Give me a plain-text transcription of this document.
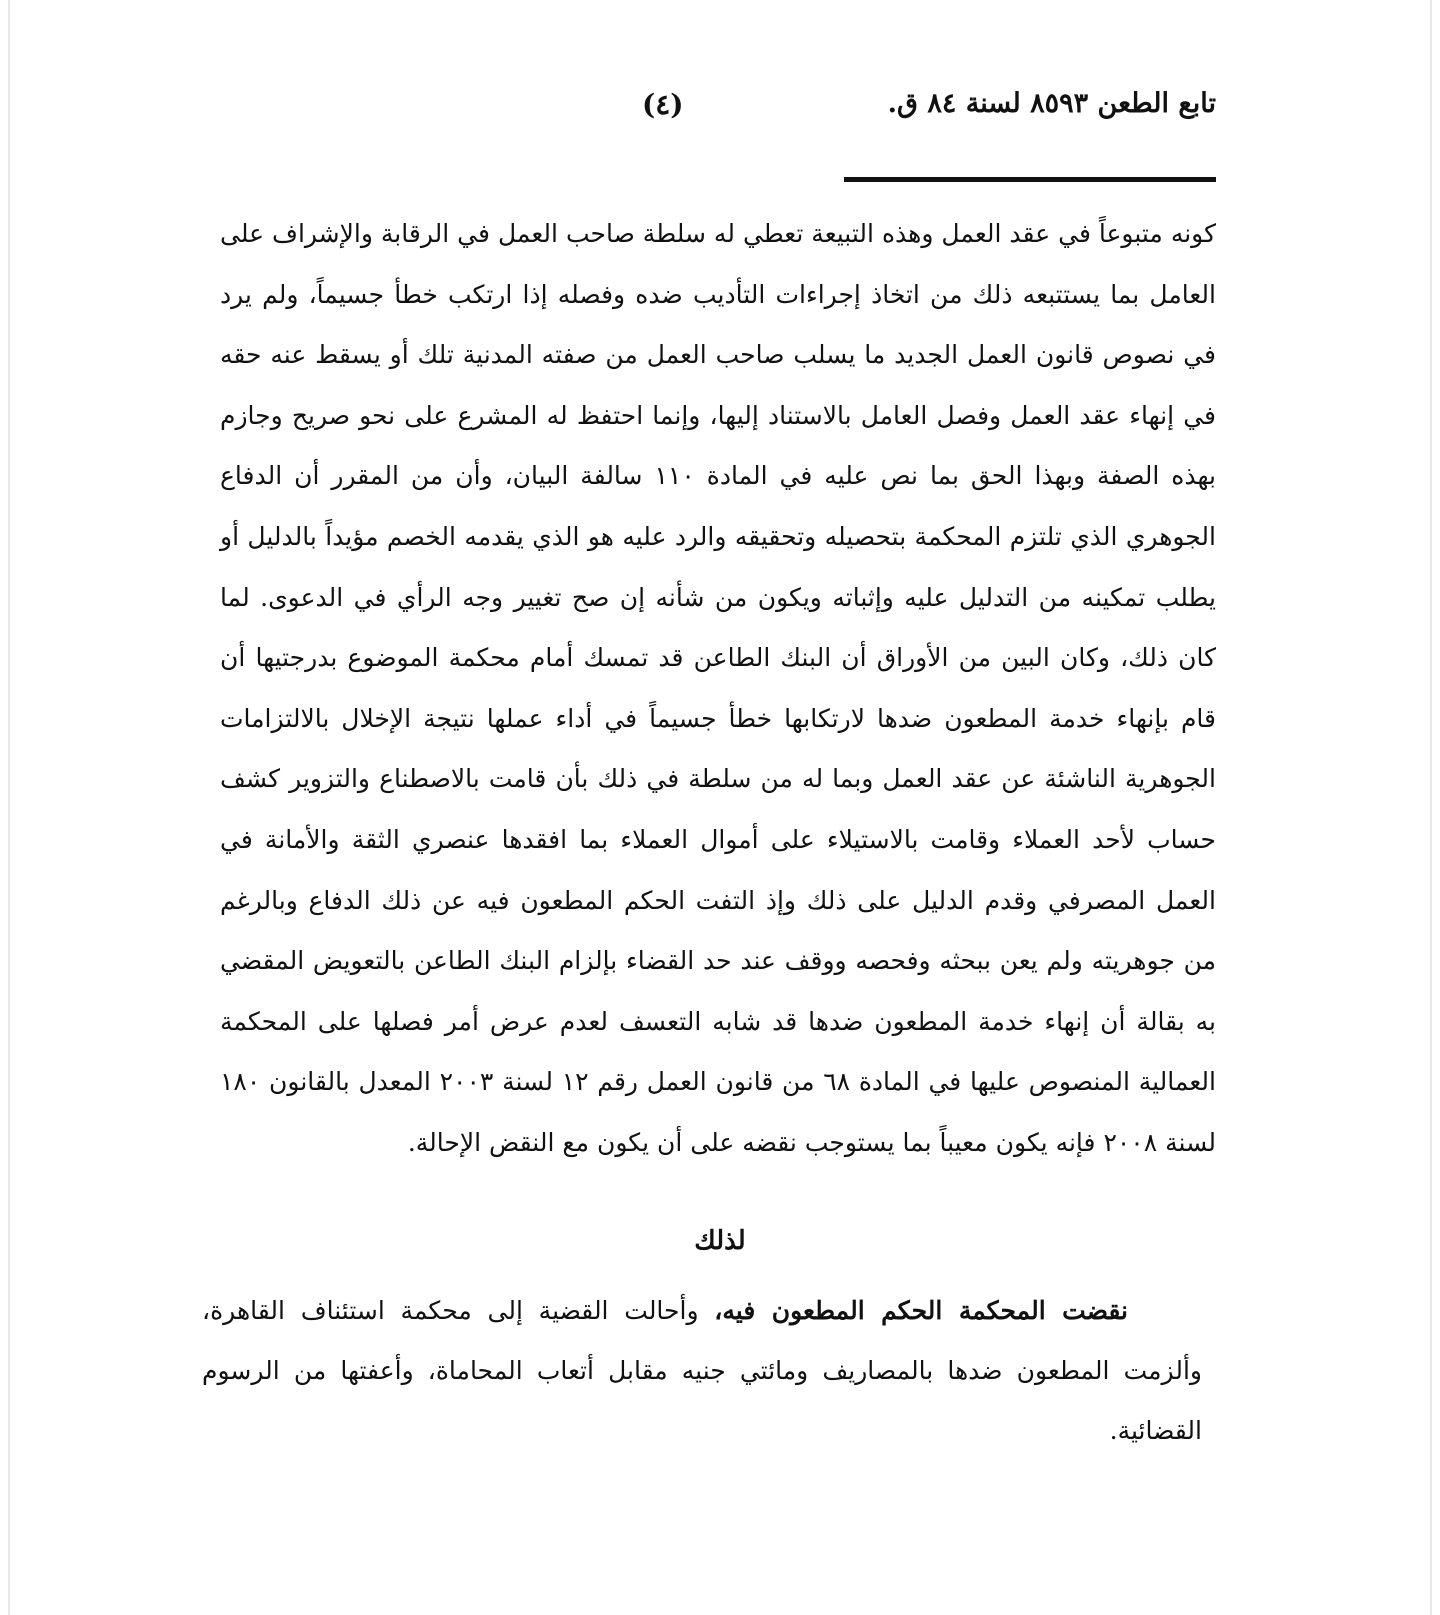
تابع الطعن ٨٥٩٣ لسنة ٨٤ ق.
(٤)

كونه متبوعاً في عقد العمل وهذه التبيعة تعطي له سلطة صاحب العمل في الرقابة والإشراف على العامل بما يستتبعه ذلك من اتخاذ إجراءات التأديب ضده وفصله إذا ارتكب خطأ جسيماً، ولم يرد في نصوص قانون العمل الجديد ما يسلب صاحب العمل من صفته المدنية تلك أو يسقط عنه حقه في إنهاء عقد العمل وفصل العامل بالاستناد إليها، وإنما احتفظ له المشرع على نحو صريح وجازم بهذه الصفة وبهذا الحق بما نص عليه في المادة ١١٠ سالفة البيان، وأن من المقرر أن الدفاع الجوهري الذي تلتزم المحكمة بتحصيله وتحقيقه والرد عليه هو الذي يقدمه الخصم مؤيداً بالدليل أو يطلب تمكينه من التدليل عليه وإثباته ويكون من شأنه إن صح تغيير وجه الرأي في الدعوى. لما كان ذلك، وكان البين من الأوراق أن البنك الطاعن قد تمسك أمام محكمة الموضوع بدرجتيها أن قام بإنهاء خدمة المطعون ضدها لارتكابها خطأ جسيماً في أداء عملها نتيجة الإخلال بالالتزامات الجوهرية الناشئة عن عقد العمل وبما له من سلطة في ذلك بأن قامت بالاصطناع والتزوير كشف حساب لأحد العملاء وقامت بالاستيلاء على أموال العملاء بما افقدها عنصري الثقة والأمانة في العمل المصرفي وقدم الدليل على ذلك وإذ التفت الحكم المطعون فيه عن ذلك الدفاع وبالرغم من جوهريته ولم يعن ببحثه وفحصه ووقف عند حد القضاء بإلزام البنك الطاعن بالتعويض المقضي به بقالة أن إنهاء خدمة المطعون ضدها قد شابه التعسف لعدم عرض أمر فصلها على المحكمة العمالية المنصوص عليها في المادة ٦٨ من قانون العمل رقم ١٢ لسنة ٢٠٠٣ المعدل بالقانون ١٨٠ لسنة ٢٠٠٨ فإنه يكون معيباً بما يستوجب نقضه على أن يكون مع النقض الإحالة.

لذلك

نقضت المحكمة الحكم المطعون فيه، وأحالت القضية إلى محكمة استئناف القاهرة، وألزمت المطعون ضدها بالمصاريف ومائتي جنيه مقابل أتعاب المحاماة، وأعفتها من الرسوم القضائية.
